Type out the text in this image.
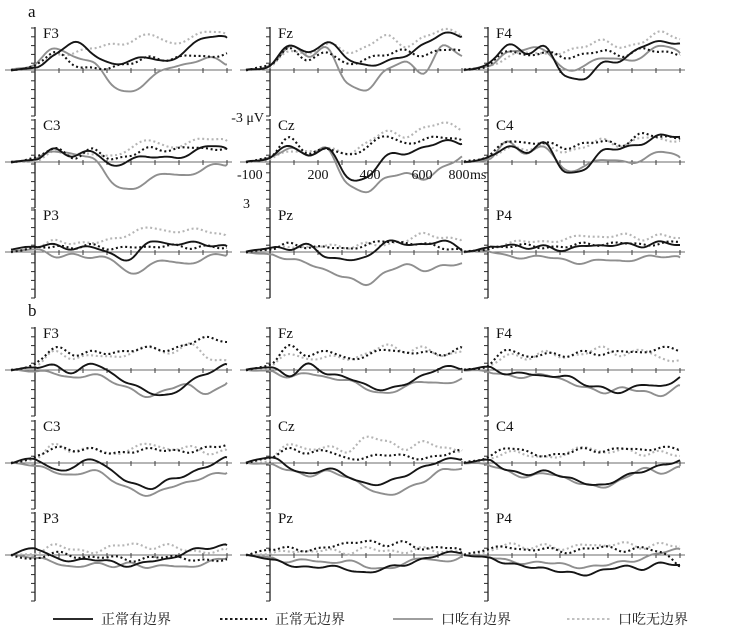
a
b
F3	Fz	F4
C3	Cz	C4
P3	Pz	P4
F3	Fz	F4
C3	Cz	C4
P3	Pz	P4
-3 μV
-100	200	400	600	800 ms
3
正常有边界	正常无边界	口吃有边界	口吃无边界
